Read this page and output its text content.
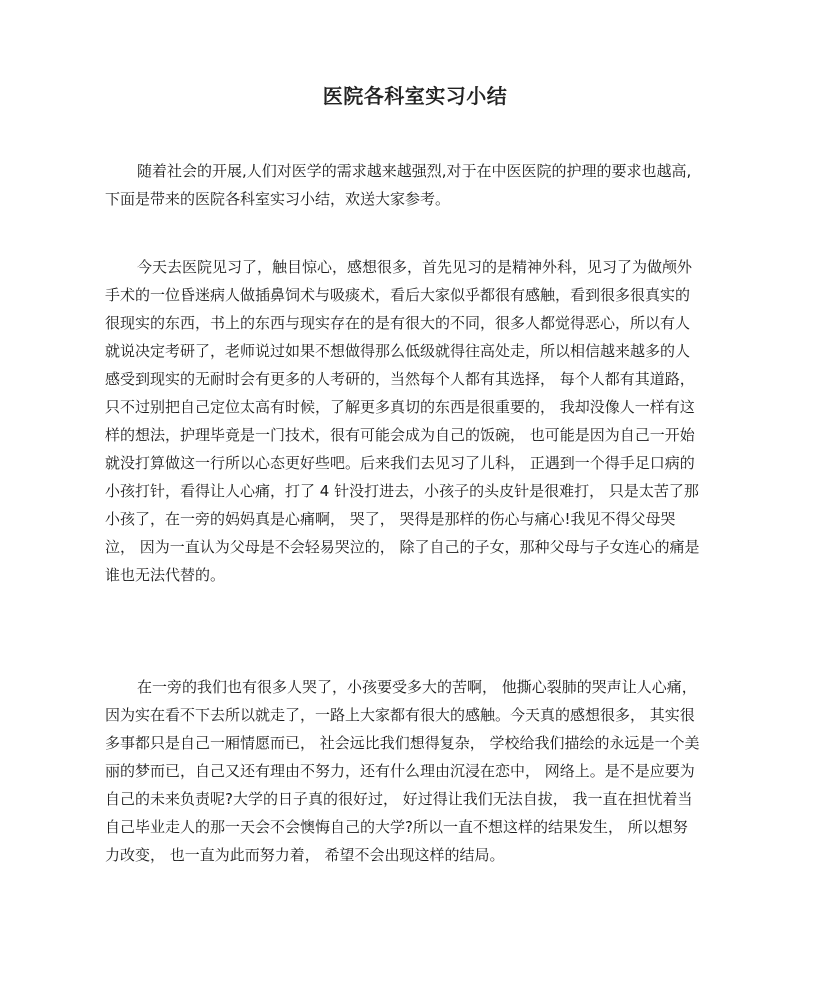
医院各科室实习小结
随着社会的开展,人们对医学的需求越来越强烈,对于在中医医院的护理的要求也越高,
下面是带来的医院各科室实习小结，欢送大家参考。
今天去医院见习了，触目惊心，感想很多，首先见习的是精神外科，见习了为做颅外
手术的一位昏迷病人做插鼻饲术与吸痰术，看后大家似乎都很有感触，看到很多很真实的
很现实的东西，书上的东西与现实存在的是有很大的不同，很多人都觉得恶心，所以有人
就说决定考研了，老师说过如果不想做得那么低级就得往高处走，所以相信越来越多的人
感受到现实的无耐时会有更多的人考研的，当然每个人都有其选择， 每个人都有其道路，
只不过别把自己定位太高有时候，了解更多真切的东西是很重要的， 我却没像人一样有这
样的想法，护理毕竟是一门技术，很有可能会成为自己的饭碗， 也可能是因为自己一开始
就没打算做这一行所以心态更好些吧。后来我们去见习了儿科， 正遇到一个得手足口病的
小孩打针，看得让人心痛，打了 4 针没打进去，小孩子的头皮针是很难打， 只是太苦了那
小孩了，在一旁的妈妈真是心痛啊， 哭了， 哭得是那样的伤心与痛心!我见不得父母哭
泣， 因为一直认为父母是不会轻易哭泣的， 除了自己的子女，那种父母与子女连心的痛是
谁也无法代替的。
在一旁的我们也有很多人哭了，小孩要受多大的苦啊， 他撕心裂肺的哭声让人心痛，
因为实在看不下去所以就走了，一路上大家都有很大的感触。今天真的感想很多， 其实很
多事都只是自己一厢情愿而已， 社会远比我们想得复杂， 学校给我们描绘的永远是一个美
丽的梦而已，自己又还有理由不努力，还有什么理由沉浸在恋中， 网络上。是不是应要为
自己的未来负责呢?大学的日子真的很好过， 好过得让我们无法自拔， 我一直在担忧着当
自己毕业走人的那一天会不会懊悔自己的大学?所以一直不想这样的结果发生， 所以想努
力改变， 也一直为此而努力着， 希望不会出现这样的结局。
